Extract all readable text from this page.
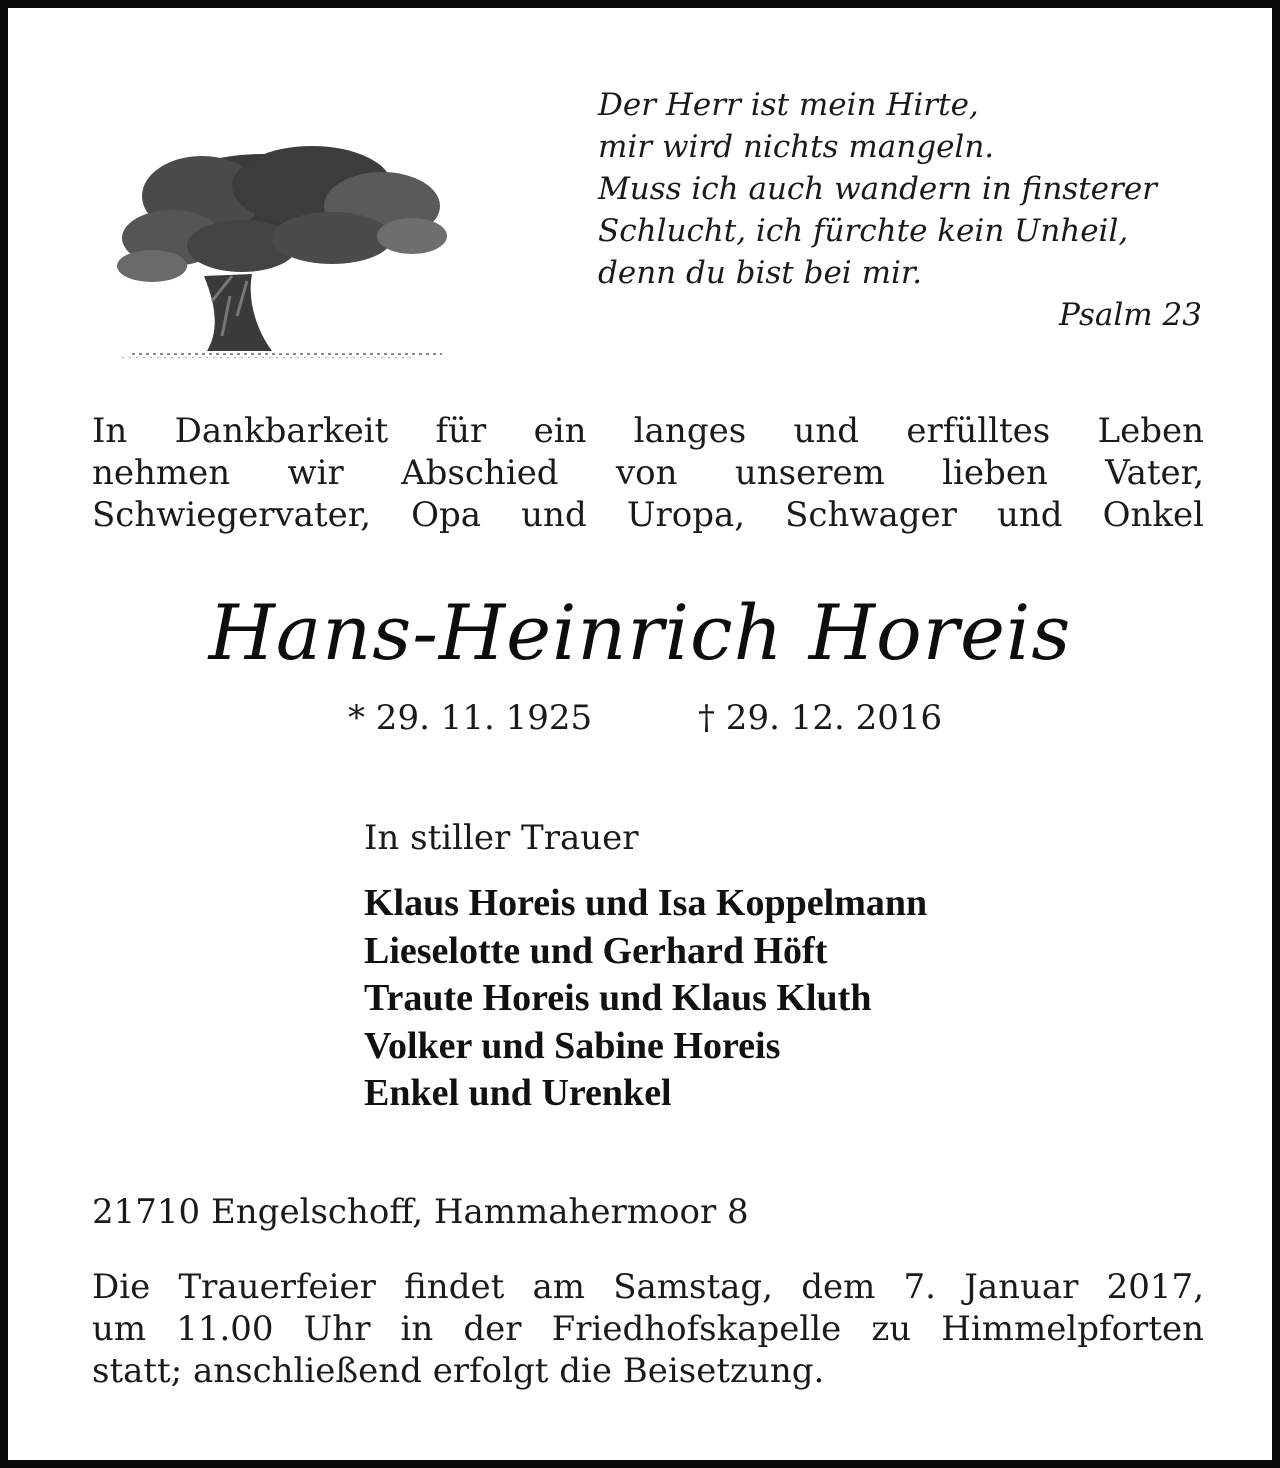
Der Herr ist mein Hirte,
mir wird nichts mangeln.
Muss ich auch wandern in finsterer
Schlucht, ich fürchte kein Unheil,
denn du bist bei mir.
Psalm 23
In Dankbarkeit für ein langes und erfülltes Leben
nehmen wir Abschied von unserem lieben Vater,
Schwiegervater, Opa und Uropa, Schwager und Onkel
Hans-Heinrich Horeis
* 29. 11. 1925	† 29. 12. 2016
In stiller Trauer
Klaus Horeis und Isa Koppelmann
Lieselotte und Gerhard Höft
Traute Horeis und Klaus Kluth
Volker und Sabine Horeis
Enkel und Urenkel
21710 Engelschoff, Hammahermoor 8
Die Trauerfeier findet am Samstag, dem 7. Januar 2017,
um 11.00 Uhr in der Friedhofskapelle zu Himmelpforten
statt; anschließend erfolgt die Beisetzung.
